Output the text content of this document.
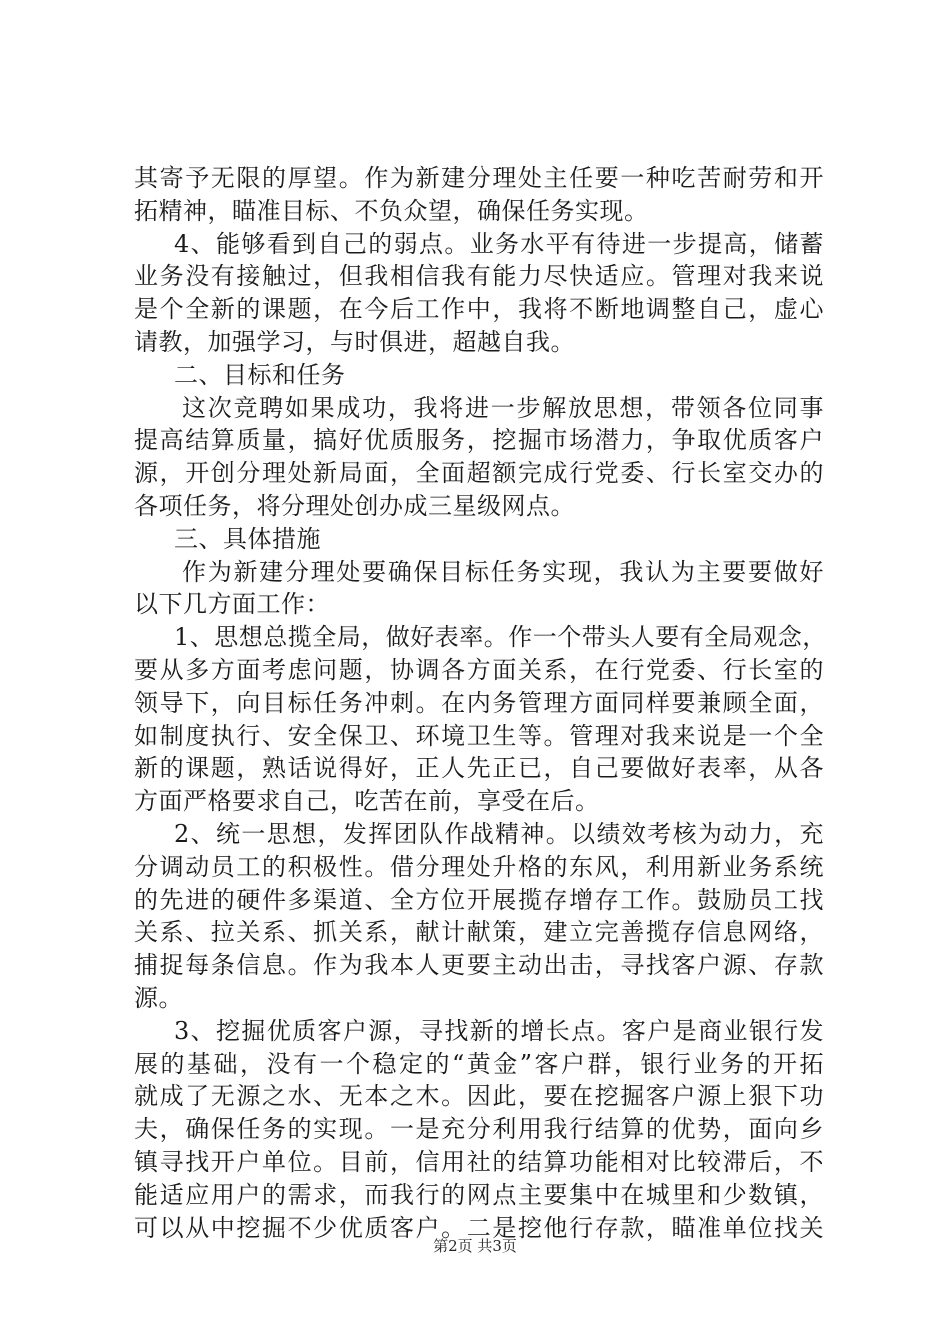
其寄予无限的厚望。作为新建分理处主任要一种吃苦耐劳和开
拓精神，瞄准目标、不负众望，确保任务实现。
4、能够看到自己的弱点。业务水平有待进一步提高，储蓄
业务没有接触过，但我相信我有能力尽快适应。管理对我来说
是个全新的课题，在今后工作中，我将不断地调整自己，虚心
请教，加强学习，与时俱进，超越自我。
二、目标和任务
这次竞聘如果成功，我将进一步解放思想，带领各位同事
提高结算质量，搞好优质服务，挖掘市场潜力，争取优质客户
源，开创分理处新局面，全面超额完成行党委、行长室交办的
各项任务，将分理处创办成三星级网点。
三、具体措施
作为新建分理处要确保目标任务实现，我认为主要要做好
以下几方面工作：
1、思想总揽全局，做好表率。作一个带头人要有全局观念，
要从多方面考虑问题，协调各方面关系，在行党委、行长室的
领导下，向目标任务冲刺。在内务管理方面同样要兼顾全面，
如制度执行、安全保卫、环境卫生等。管理对我来说是一个全
新的课题，熟话说得好，正人先正已，自己要做好表率，从各
方面严格要求自己，吃苦在前，享受在后。
2、统一思想，发挥团队作战精神。以绩效考核为动力，充
分调动员工的积极性。借分理处升格的东风，利用新业务系统
的先进的硬件多渠道、全方位开展揽存增存工作。鼓励员工找
关系、拉关系、抓关系，献计献策，建立完善揽存信息网络，
捕捉每条信息。作为我本人更要主动出击，寻找客户源、存款
源。
3、挖掘优质客户源，寻找新的增长点。客户是商业银行发
展的基础，没有一个稳定的“黄金”客户群，银行业务的开拓
就成了无源之水、无本之木。因此，要在挖掘客户源上狠下功
夫，确保任务的实现。一是充分利用我行结算的优势，面向乡
镇寻找开户单位。目前，信用社的结算功能相对比较滞后，不
能适应用户的需求，而我行的网点主要集中在城里和少数镇，
可以从中挖掘不少优质客户。二是挖他行存款，瞄准单位找关
第2页 共3页
